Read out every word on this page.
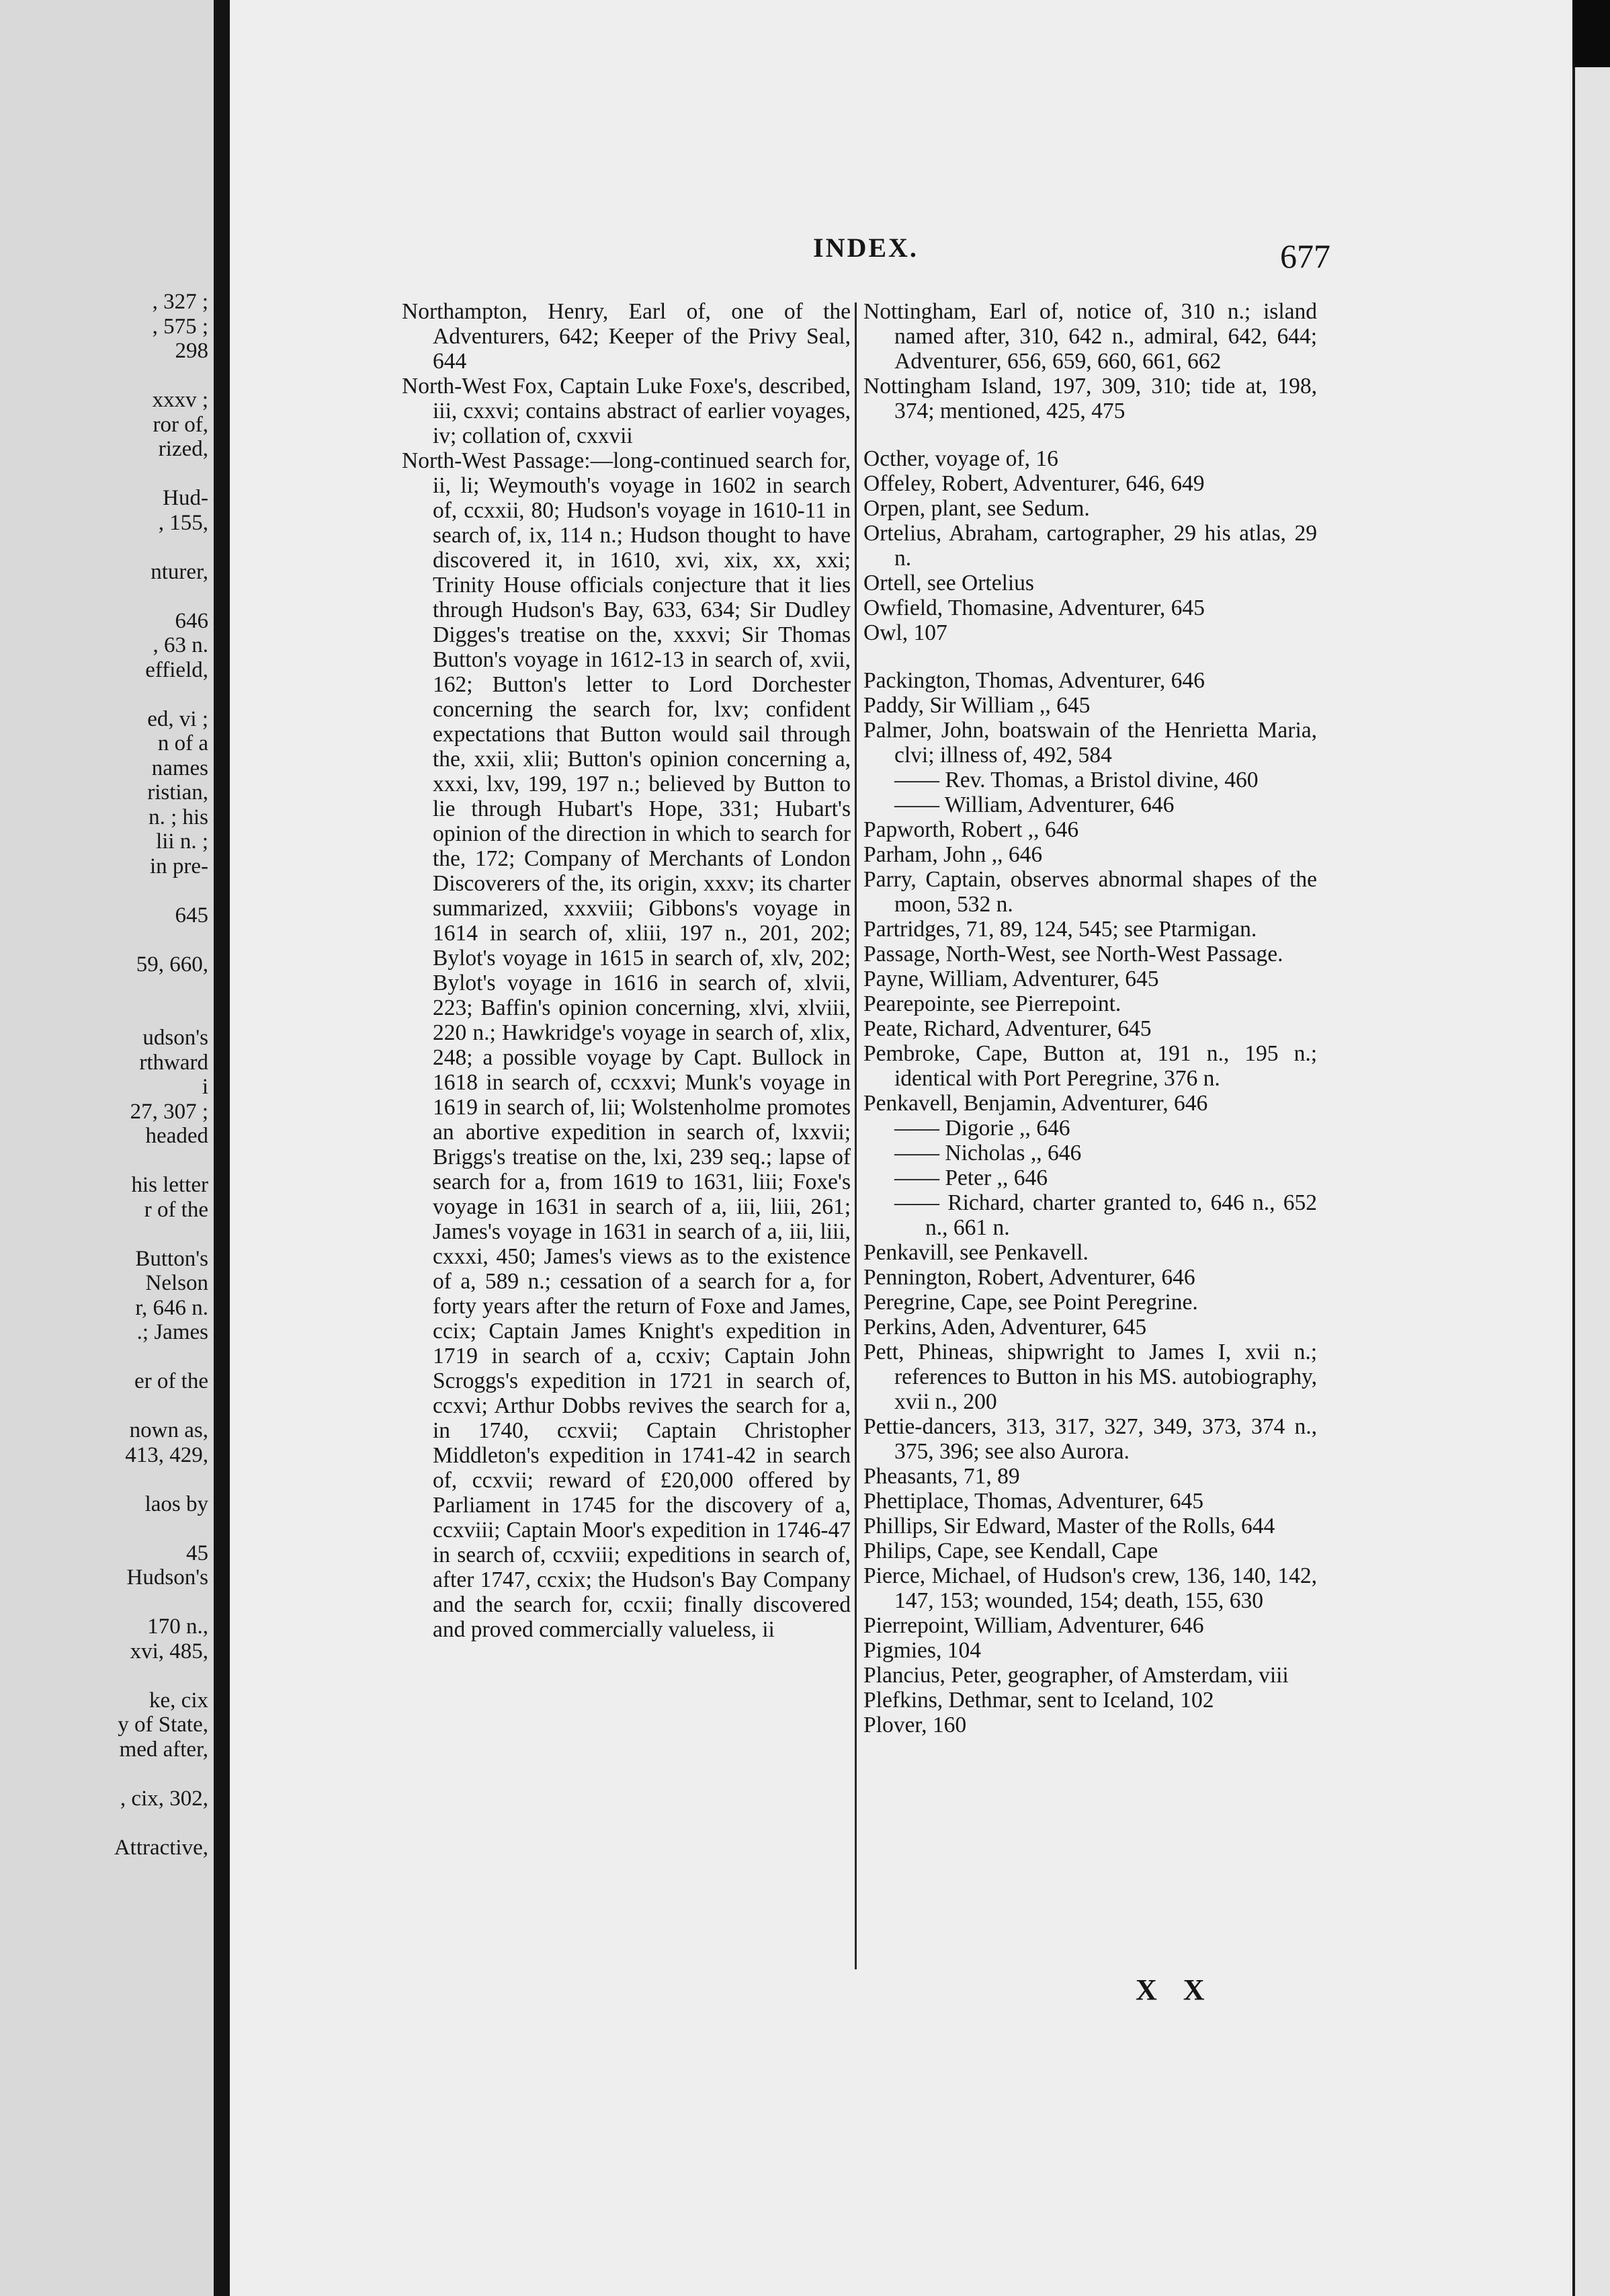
, 327 ;
, 575 ;
298
xxxv ;
ror of,
rized,
Hud-
, 155,
nturer,
646
, 63 n.
effield,
ed, vi ;
n of a
names
ristian,
n. ; his
lii n. ;
in pre-
645
59, 660,
udson's
rthward
i
27, 307 ;
headed
his letter
r of the
Button's
Nelson
r, 646 n.
.; James
er of the
nown as,
413, 429,
laos by
45
Hudson's
170 n.,
xvi, 485,
ke, cix
y of State,
med after,
, cix, 302,
Attractive,
INDEX.	677

Northampton, Henry, Earl of, one of the Adventurers, 642; Keeper of the Privy Seal, 644

North-West Fox, Captain Luke Foxe's, described, iii, cxxvi; contains abstract of earlier voyages, iv; collation of, cxxvii

North-West Passage:—long-continued search for, ii, li; Weymouth's voyage in 1602 in search of, ccxxii, 80; Hudson's voyage in 1610-11 in search of, ix, 114 n.; Hudson thought to have discovered it, in 1610, xvi, xix, xx, xxi; Trinity House officials conjecture that it lies through Hudson's Bay, 633, 634; Sir Dudley Digges's treatise on the, xxxvi; Sir Thomas Button's voyage in 1612-13 in search of, xvii, 162; Button's letter to Lord Dorchester concerning the search for, lxv; confident expectations that Button would sail through the, xxii, xlii; Button's opinion concerning a, xxxi, lxv, 199, 197 n.; believed by Button to lie through Hubart's Hope, 331; Hubart's opinion of the direction in which to search for the, 172; Company of Merchants of London Discoverers of the, its origin, xxxv; its charter summarized, xxxviii; Gibbons's voyage in 1614 in search of, xliii, 197 n., 201, 202; Bylot's voyage in 1615 in search of, xlv, 202; Bylot's voyage in 1616 in search of, xlvii, 223; Baffin's opinion concerning, xlvi, xlviii, 220 n.; Hawkridge's voyage in search of, xlix, 248; a possible voyage by Capt. Bullock in 1618 in search of, ccxxvi; Munk's voyage in 1619 in search of, lii; Wolstenholme promotes an abortive expedition in search of, lxxvii; Briggs's treatise on the, lxi, 239 seq.; lapse of search for a, from 1619 to 1631, liii; Foxe's voyage in 1631 in search of a, iii, liii, 261; James's voyage in 1631 in search of a, iii, liii, cxxxi, 450; James's views as to the existence of a, 589 n.; cessation of a search for a, for forty years after the return of Foxe and James, ccix; Captain James Knight's expedition in 1719 in search of a, ccxiv; Captain John Scroggs's expedition in 1721 in search of, ccxvi; Arthur Dobbs revives the search for a, in 1740, ccxvii; Captain Christopher Middleton's expedition in 1741-42 in search of, ccxvii; reward of £20,000 offered by Parliament in 1745 for the discovery of a, ccxviii; Captain Moor's expedition in 1746-47 in search of, ccxviii; expeditions in search of, after 1747, ccxix; the Hudson's Bay Company and the search for, ccxii; finally discovered and proved commercially valueless, ii

Nottingham, Earl of, notice of, 310 n.; island named after, 310, 642 n., admiral, 642, 644; Adventurer, 656, 659, 660, 661, 662

Nottingham Island, 197, 309, 310; tide at, 198, 374; mentioned, 425, 475

Octher, voyage of, 16

Offeley, Robert, Adventurer, 646, 649

Orpen, plant, see Sedum.

Ortelius, Abraham, cartographer, 29 his atlas, 29 n.

Ortell, see Ortelius

Owfield, Thomasine, Adventurer, 645

Owl, 107

Packington, Thomas, Adventurer, 646

Paddy, Sir William ,, 645

Palmer, John, boatswain of the Henrietta Maria, clvi; illness of, 492, 584

—— Rev. Thomas, a Bristol divine, 460

—— William, Adventurer, 646

Papworth, Robert ,, 646

Parham, John ,, 646

Parry, Captain, observes abnormal shapes of the moon, 532 n.

Partridges, 71, 89, 124, 545; see Ptarmigan.

Passage, North-West, see North-West Passage.

Payne, William, Adventurer, 645

Pearepointe, see Pierrepoint.

Peate, Richard, Adventurer, 645

Pembroke, Cape, Button at, 191 n., 195 n.; identical with Port Peregrine, 376 n.

Penkavell, Benjamin, Adventurer, 646

—— Digorie ,, 646

—— Nicholas ,, 646

—— Peter ,, 646

—— Richard, charter granted to, 646 n., 652 n., 661 n.

Penkavill, see Penkavell.

Pennington, Robert, Adventurer, 646

Peregrine, Cape, see Point Peregrine.

Perkins, Aden, Adventurer, 645

Pett, Phineas, shipwright to James I, xvii n.; references to Button in his MS. autobiography, xvii n., 200

Pettie-dancers, 313, 317, 327, 349, 373, 374 n., 375, 396; see also Aurora.

Pheasants, 71, 89

Phettiplace, Thomas, Adventurer, 645

Phillips, Sir Edward, Master of the Rolls, 644

Philips, Cape, see Kendall, Cape

Pierce, Michael, of Hudson's crew, 136, 140, 142, 147, 153; wounded, 154; death, 155, 630

Pierrepoint, William, Adventurer, 646

Pigmies, 104

Plancius, Peter, geographer, of Amsterdam, viii

Plefkins, Dethmar, sent to Iceland, 102

Plover, 160

X X
